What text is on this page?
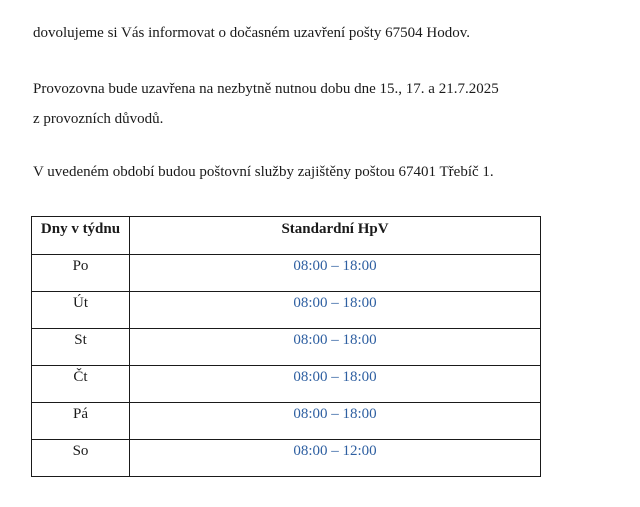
dovolujeme si Vás informovat o dočasném uzavření pošty 67504 Hodov.

Provozovna bude uzavřena na nezbytně nutnou dobu dne 15., 17. a 21.7.2025

z provozních důvodů.

V uvedeném období budou poštovní služby zajištěny poštou 67401 Třebíč 1.

Dny v týdnu	Standardní HpV
Po	08:00 – 18:00
Út	08:00 – 18:00
St	08:00 – 18:00
Čt	08:00 – 18:00
Pá	08:00 – 18:00
So	08:00 – 12:00
